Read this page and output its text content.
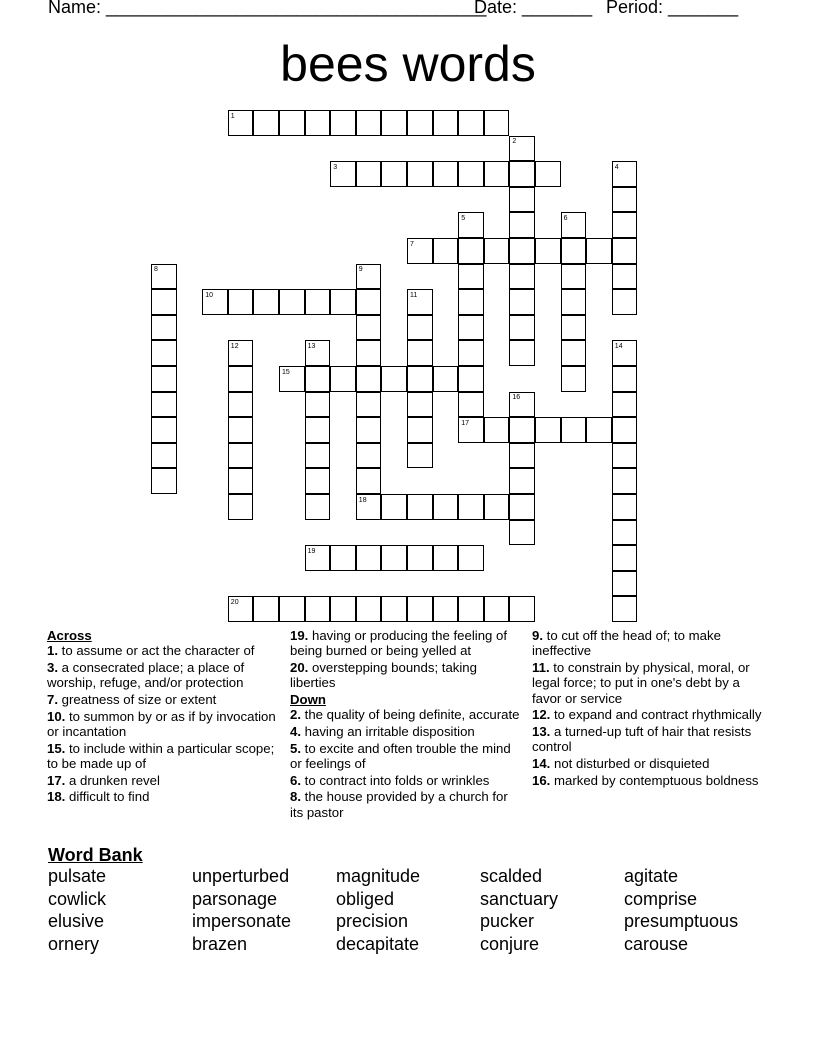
Name: ______________________________________
Date: _______ Period: _______
bees words
1
2
3	4
5	6
7
8	9
18
10	11
12	13	14
15
16
17
19
20
Across
1. to assume or act the character of
3. a consecrated place; a place of worship, refuge, and/or protection
7. greatness of size or extent
10. to summon by or as if by invocation or incantation
15. to include within a particular scope; to be made up of
17. a drunken revel
18. difficult to find
19. having or producing the feeling of being burned or being yelled at
20. overstepping bounds; taking liberties
Down
2. the quality of being definite, accurate
4. having an irritable disposition
5. to excite and often trouble the mind or feelings of
6. to contract into folds or wrinkles
8. the house provided by a church for its pastor
9. to cut off the head of; to make ineffective
11. to constrain by physical, moral, or legal force; to put in one's debt by a favor or service
12. to expand and contract rhythmically
13. a turned-up tuft of hair that resists control
14. not disturbed or disquieted
16. marked by contemptuous boldness
Word Bank
pulsate	unperturbed	magnitude	scalded	agitate
cowlick	parsonage	obliged	sanctuary	comprise
elusive	impersonate	precision	pucker	presumptuous
ornery	brazen	decapitate	conjure	carouse
